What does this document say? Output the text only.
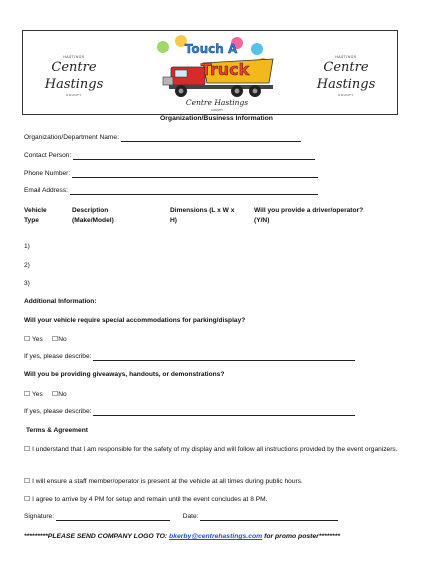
HASTINGS
Centre Hastings
COUNTY
Touch A
Truck
Centre Hastings
COUNTY
HASTINGS
Centre Hastings
COUNTY
Organization/Business Information
Organization/Department Name:
Contact Person:
Phone Number:
Email Address:
Vehicle
Type
Description
(Make/Model)
Dimensions (L x W x
H)
Will you provide a driver/operator?
(Y/N)
1)
2)
3)
Additional Information:
Will your vehicle require special accommodations for parking/display?
☐ Yes ☐No
If yes, please describe:
Will you be providing giveaways, handouts, or demonstrations?
☐ Yes ☐No
If yes, please describe:
Terms & Agreement
☐ I understand that I am responsible for the safety of my display and will follow all instructions provided by the event organizers.
☐ I will ensure a staff member/operator is present at the vehicle at all times during public hours.
☐ I agree to arrive by 4 PM for setup and remain until the event concludes at 8 PM.
Signature:	Date:
*********PLEASE SEND COMPANY LOGO TO: bkerby@centrehastings.com for promo poster********
